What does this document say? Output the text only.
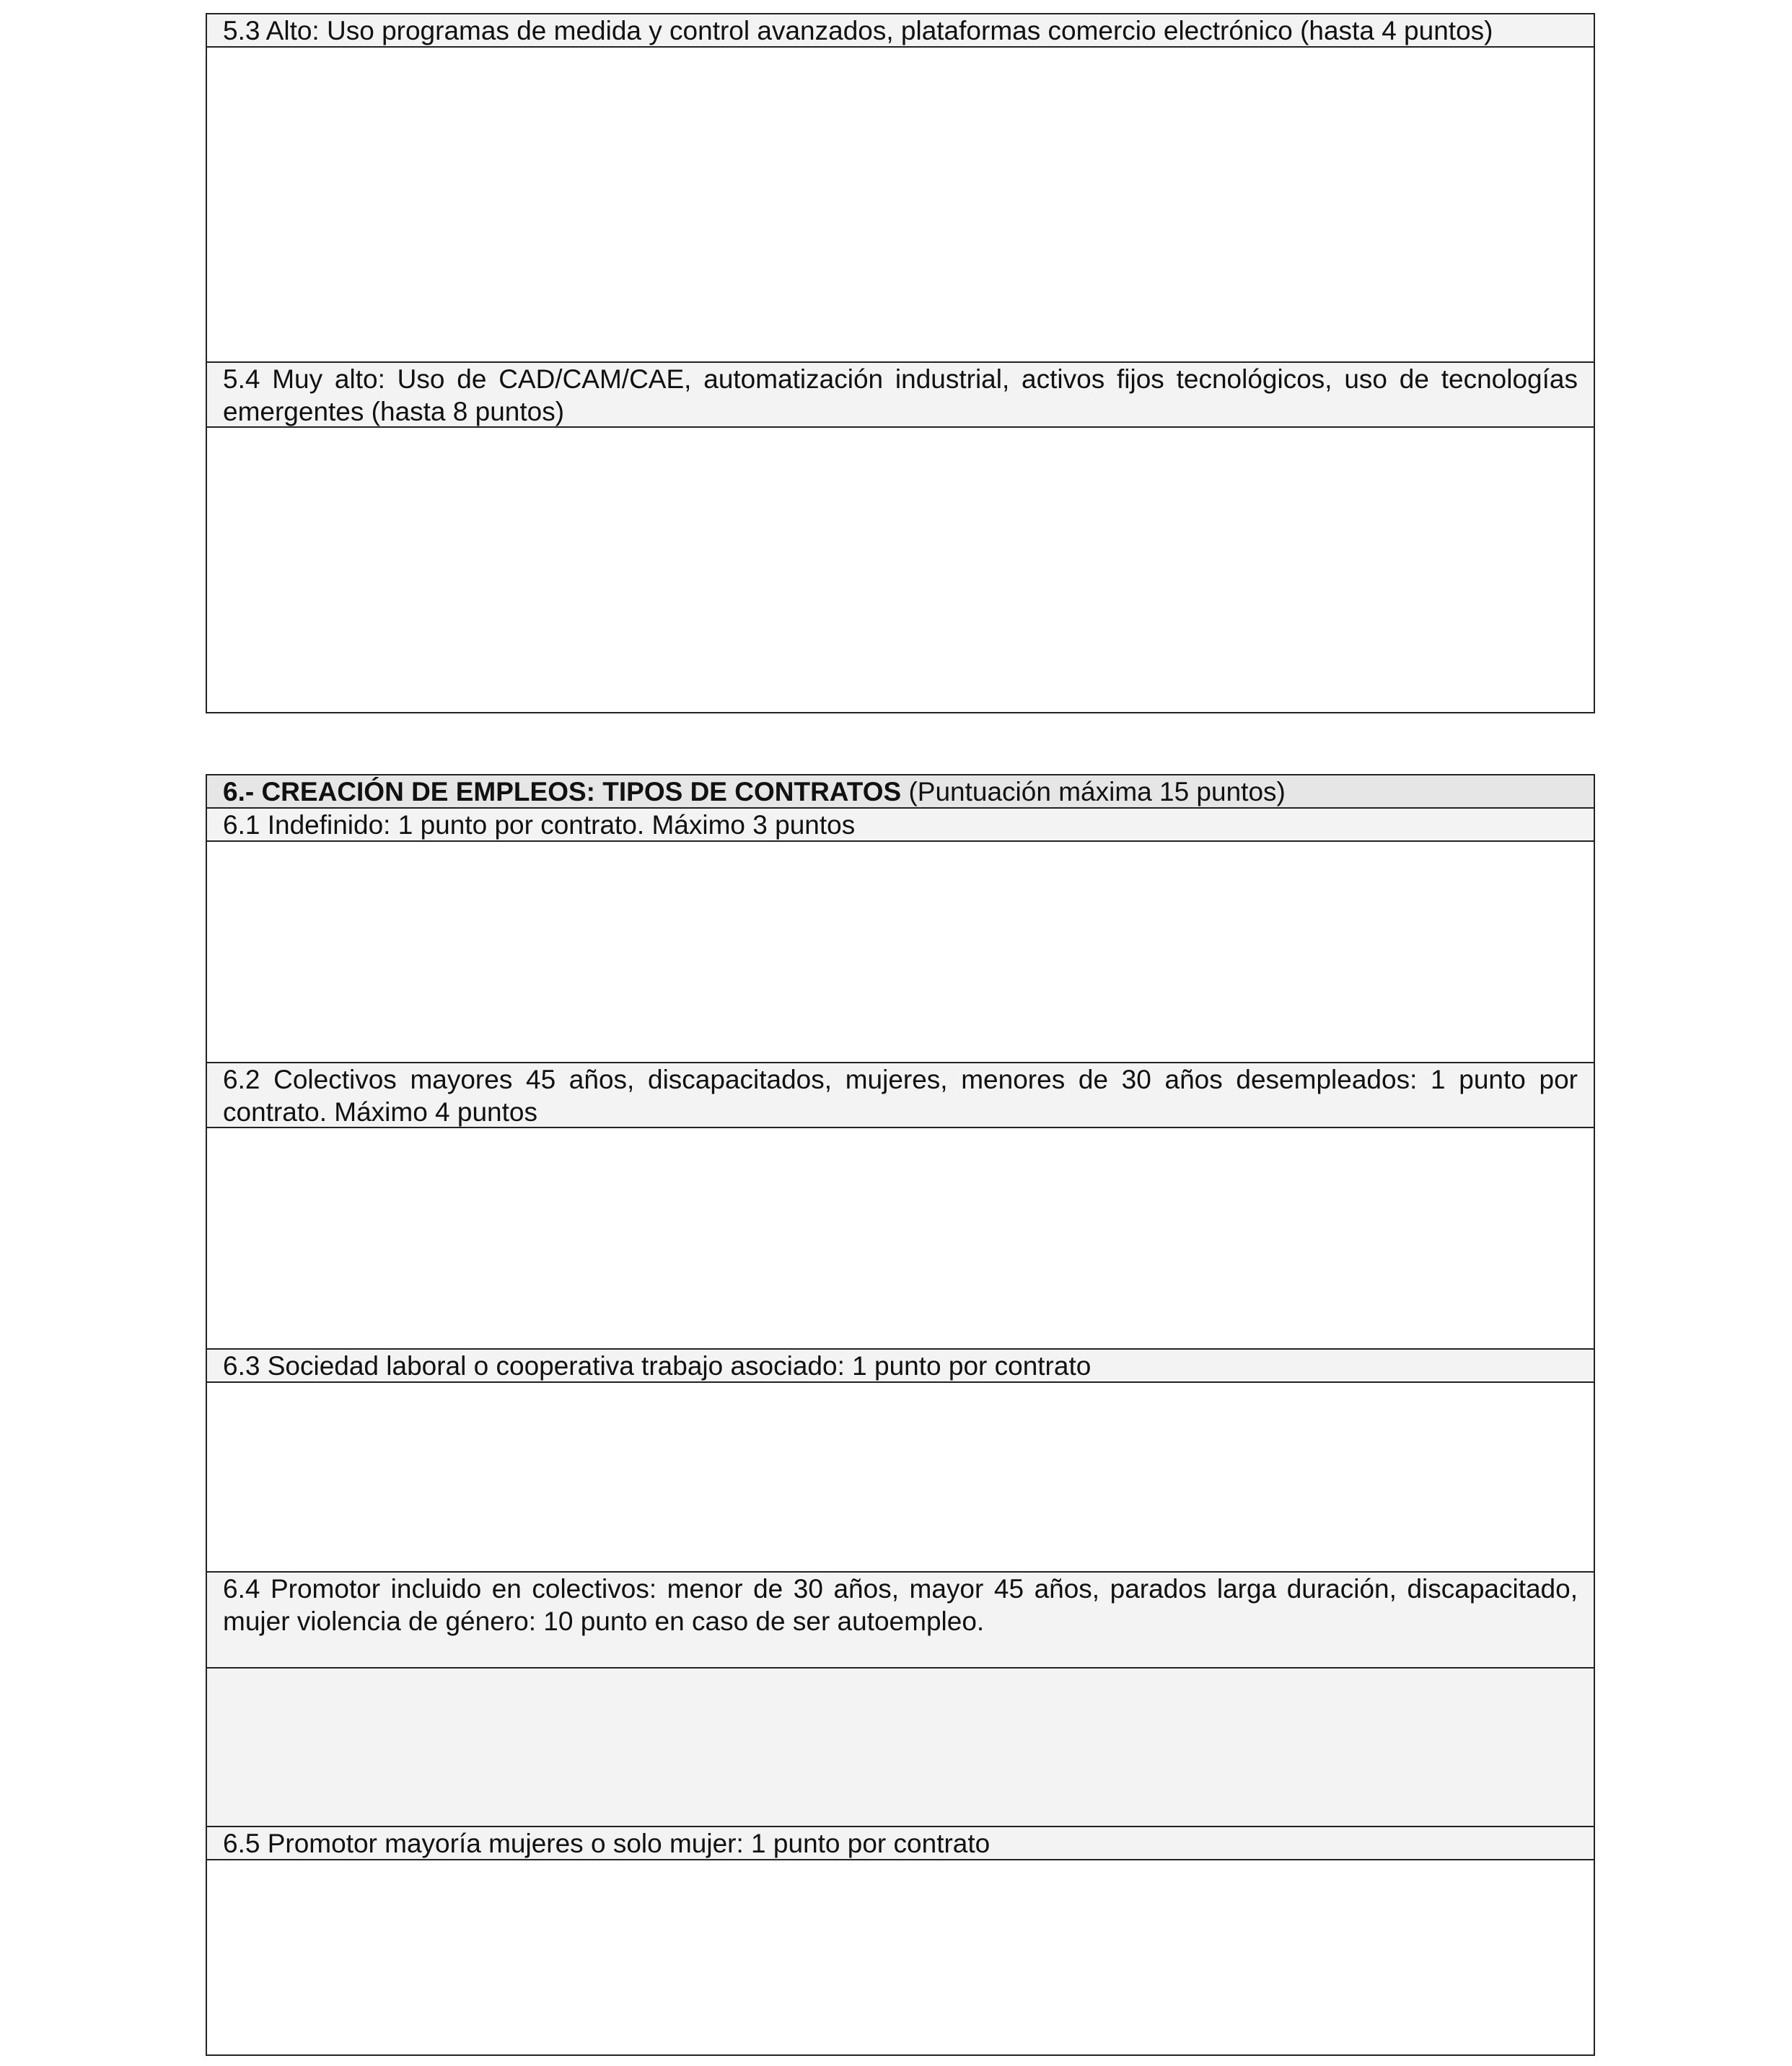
5.3 Alto: Uso programas de medida y control avanzados, plataformas comercio electrónico (hasta 4 puntos)
5.4 Muy alto: Uso de CAD/CAM/CAE, automatización industrial, activos fijos tecnológicos, uso de tecnologías emergentes (hasta 8 puntos)
6.- CREACIÓN DE EMPLEOS: TIPOS DE CONTRATOS (Puntuación máxima 15 puntos)
6.1 Indefinido: 1 punto por contrato. Máximo 3 puntos
6.2 Colectivos mayores 45 años, discapacitados, mujeres, menores de 30 años desempleados: 1 punto por contrato. Máximo 4 puntos
6.3 Sociedad laboral o cooperativa trabajo asociado: 1 punto por contrato
6.4 Promotor incluido en colectivos: menor de 30 años, mayor 45 años, parados larga duración, discapacitado, mujer violencia de género: 10 punto en caso de ser autoempleo.
6.5 Promotor mayoría mujeres o solo mujer: 1 punto por contrato
